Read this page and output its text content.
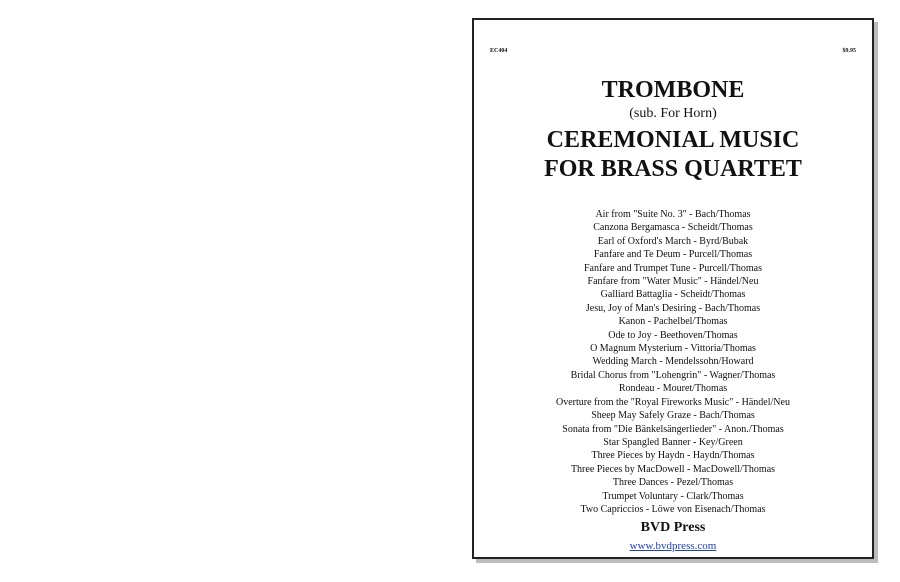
EC404	$9.95
TROMBONE
(sub. For Horn)
CEREMONIAL MUSIC
FOR BRASS QUARTET
Air from "Suite No. 3" - Bach/Thomas
Canzona Bergamasca - Scheidt/Thomas
Earl of Oxford's March - Byrd/Bubak
Fanfare and Te Deum - Purcell/Thomas
Fanfare and Trumpet Tune - Purcell/Thomas
Fanfare from "Water Music" - Händel/Neu
Galliard Battaglia - Scheidt/Thomas
Jesu, Joy of Man's Desiring - Bach/Thomas
Kanon - Pachelbel/Thomas
Ode to Joy - Beethoven/Thomas
O Magnum Mysterium - Vittoria/Thomas
Wedding March - Mendelssohn/Howard
Bridal Chorus from "Lohengrin" - Wagner/Thomas
Rondeau - Mouret/Thomas
Overture from the "Royal Fireworks Music" - Händel/Neu
Sheep May Safely Graze - Bach/Thomas
Sonata from "Die Bänkelsängerlieder" - Anon./Thomas
Star Spangled Banner - Key/Green
Three Pieces by Haydn - Haydn/Thomas
Three Pieces by MacDowell - MacDowell/Thomas
Three Dances - Pezel/Thomas
Trumpet Voluntary - Clark/Thomas
Two Capriccios - Löwe von Eisenach/Thomas
BVD Press
www.bvdpress.com
